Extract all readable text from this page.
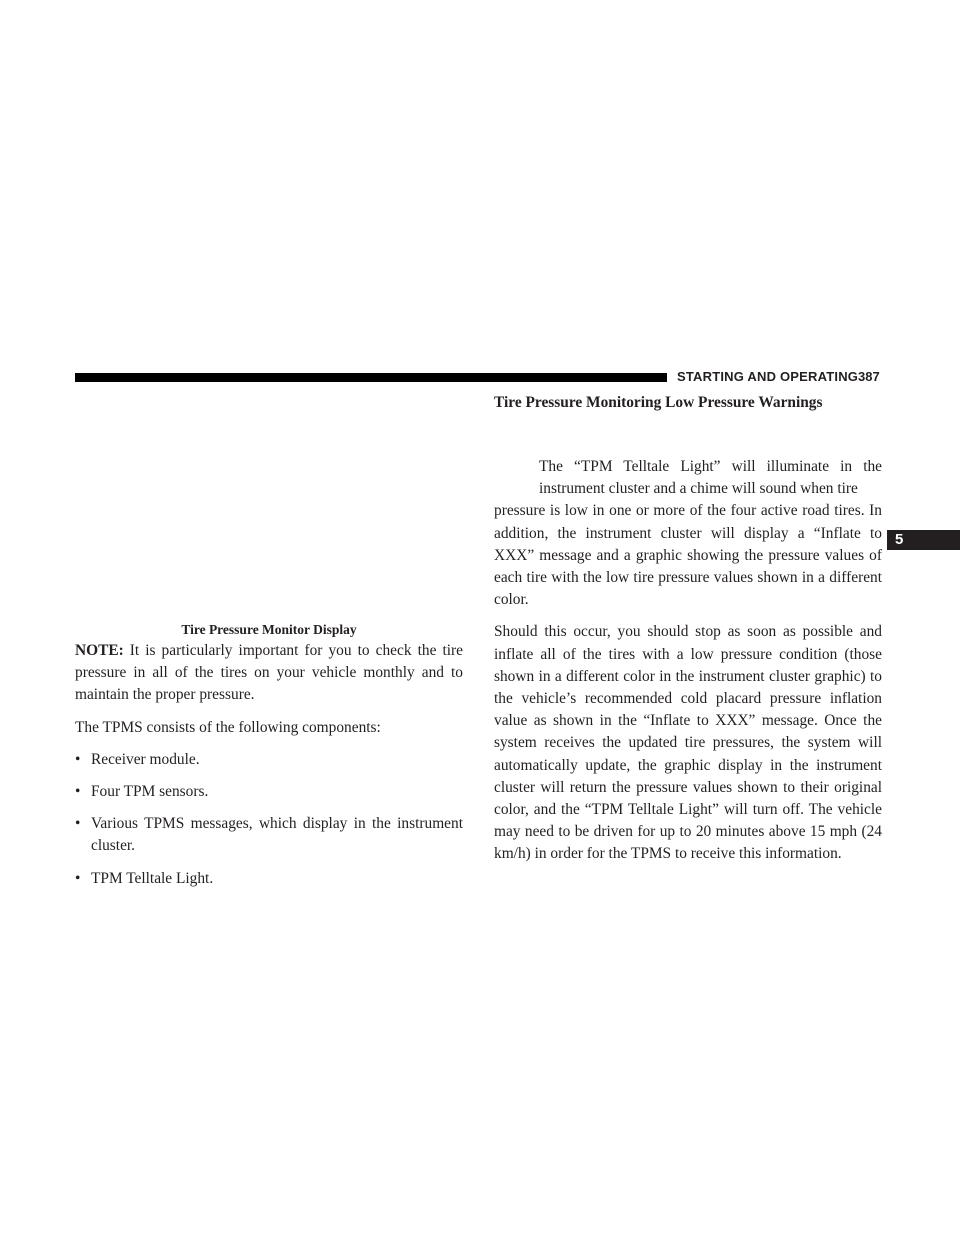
STARTING AND OPERATING 387
5
Tire Pressure Monitor Display

NOTE: It is particularly important for you to check the tire pressure in all of the tires on your vehicle monthly and to maintain the proper pressure.

The TPMS consists of the following components:

• Receiver module.
• Four TPM sensors.
• Various TPMS messages, which display in the instrument cluster.
• TPM Telltale Light.
Tire Pressure Monitoring Low Pressure Warnings

The “TPM Telltale Light” will illuminate in the instrument cluster and a chime will sound when tire
pressure is low in one or more of the four active road tires. In addition, the instrument cluster will display a “Inflate to XXX” message and a graphic showing the pressure values of each tire with the low tire pressure values shown in a different color.

Should this occur, you should stop as soon as possible and inflate all of the tires with a low pressure condition (those shown in a different color in the instrument cluster graphic) to the vehicle’s recommended cold placard pressure inflation value as shown in the “Inflate to XXX” message. Once the system receives the updated tire pressures, the system will automatically update, the graphic display in the instrument cluster will return the pressure values shown to their original color, and the “TPM Telltale Light” will turn off. The vehicle may need to be driven for up to 20 minutes above 15 mph (24 km/h) in order for the TPMS to receive this information.
